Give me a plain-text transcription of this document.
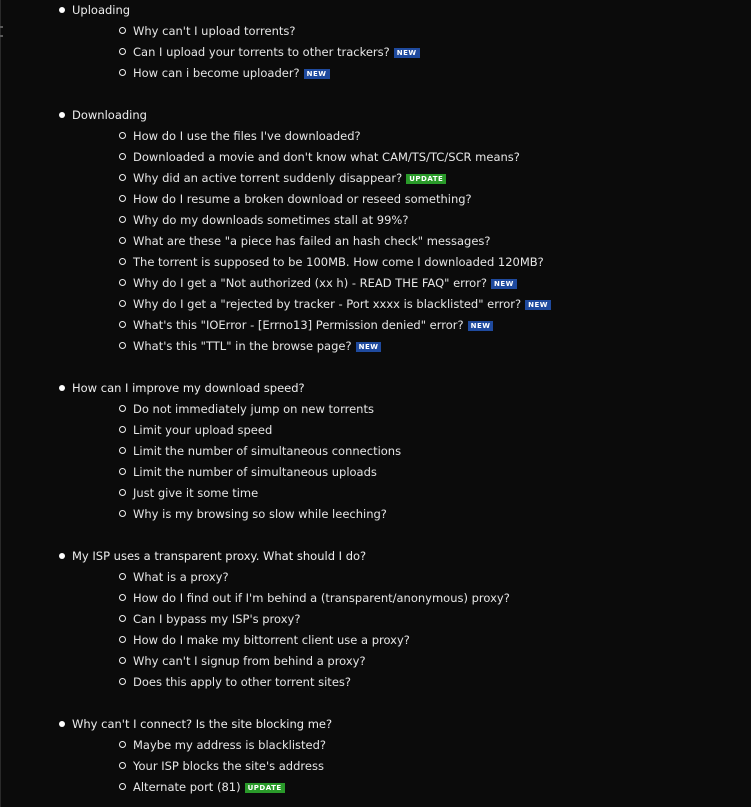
Uploading
Why can't I upload torrents?
Can I upload your torrents to other trackers? NEW
How can i become uploader? NEW
Downloading
How do I use the files I've downloaded?
Downloaded a movie and don't know what CAM/TS/TC/SCR means?
Why did an active torrent suddenly disappear? UPDATE
How do I resume a broken download or reseed something?
Why do my downloads sometimes stall at 99%?
What are these "a piece has failed an hash check" messages?
The torrent is supposed to be 100MB. How come I downloaded 120MB?
Why do I get a "Not authorized (xx h) - READ THE FAQ" error? NEW
Why do I get a "rejected by tracker - Port xxxx is blacklisted" error? NEW
What's this "IOError - [Errno13] Permission denied" error? NEW
What's this "TTL" in the browse page? NEW
How can I improve my download speed?
Do not immediately jump on new torrents
Limit your upload speed
Limit the number of simultaneous connections
Limit the number of simultaneous uploads
Just give it some time
Why is my browsing so slow while leeching?
My ISP uses a transparent proxy. What should I do?
What is a proxy?
How do I find out if I'm behind a (transparent/anonymous) proxy?
Can I bypass my ISP's proxy?
How do I make my bittorrent client use a proxy?
Why can't I signup from behind a proxy?
Does this apply to other torrent sites?
Why can't I connect? Is the site blocking me?
Maybe my address is blacklisted?
Your ISP blocks the site's address
Alternate port (81) UPDATE
